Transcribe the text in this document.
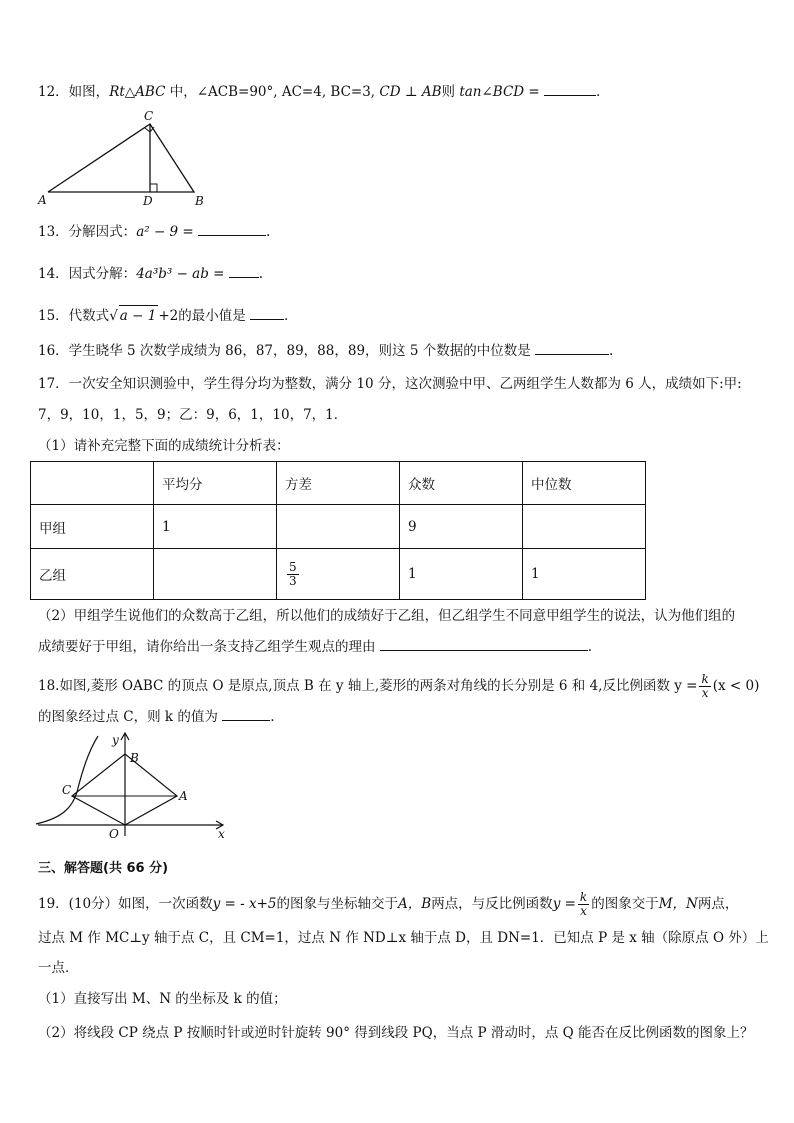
12．如图，Rt△ABC 中，∠ACB=90°, AC=4, BC=3, CD ⊥ AB则 tan∠BCD =	.
C
A	D	B
13．分解因式：a² − 9 =	.
14．因式分解：4a³b³ − ab =	.
15．代数式√ a − 1 +2的最小值是	.
16．学生晓华 5 次数学成绩为 86，87，89，88，89，则这 5 个数据的中位数是	.
17．一次安全知识测验中，学生得分均为整数，满分 10 分，这次测验中甲、乙两组学生人数都为 6 人，成绩如下:甲:
7，9，10，1，5，9；乙：9，6，1，10，7，1．
（1）请补充完整下面的成绩统计分析表：
	平均分	方差	众数	中位数
甲组	1		9	
乙组		$\frac{5}{3}$	1	1
（2）甲组学生说他们的众数高于乙组，所以他们的成绩好于乙组，但乙组学生不同意甲组学生的说法，认为他们组的
成绩要好于甲组，请你给出一条支持乙组学生观点的理由	.
18.如图,菱形 OABC 的顶点 O 是原点,顶点 B 在 y 轴上,菱形的两条对角线的长分别是 6 和 4,反比例函数 $y = \frac{k}{x} (x < 0)$
的图象经过点 C，则 k 的值为	.
y
B
C	A
O	x
三、解答题(共 66 分)
19．(10分）如图，一次函数y = - x+5的图象与坐标轴交于A，B两点，与反比例函数$y = \frac{k}{x}$ 的图象交于M，N两点，
过点 M 作 MC⊥y 轴于点 C，且 CM=1，过点 N 作 ND⊥x 轴于点 D，且 DN=1．已知点 P 是 x 轴（除原点 O 外）上
一点．
（1）直接写出 M、N 的坐标及 k 的值；
（2）将线段 CP 绕点 P 按顺时针或逆时针旋转 90° 得到线段 PQ，当点 P 滑动时，点 Q 能否在反比例函数的图象上？
